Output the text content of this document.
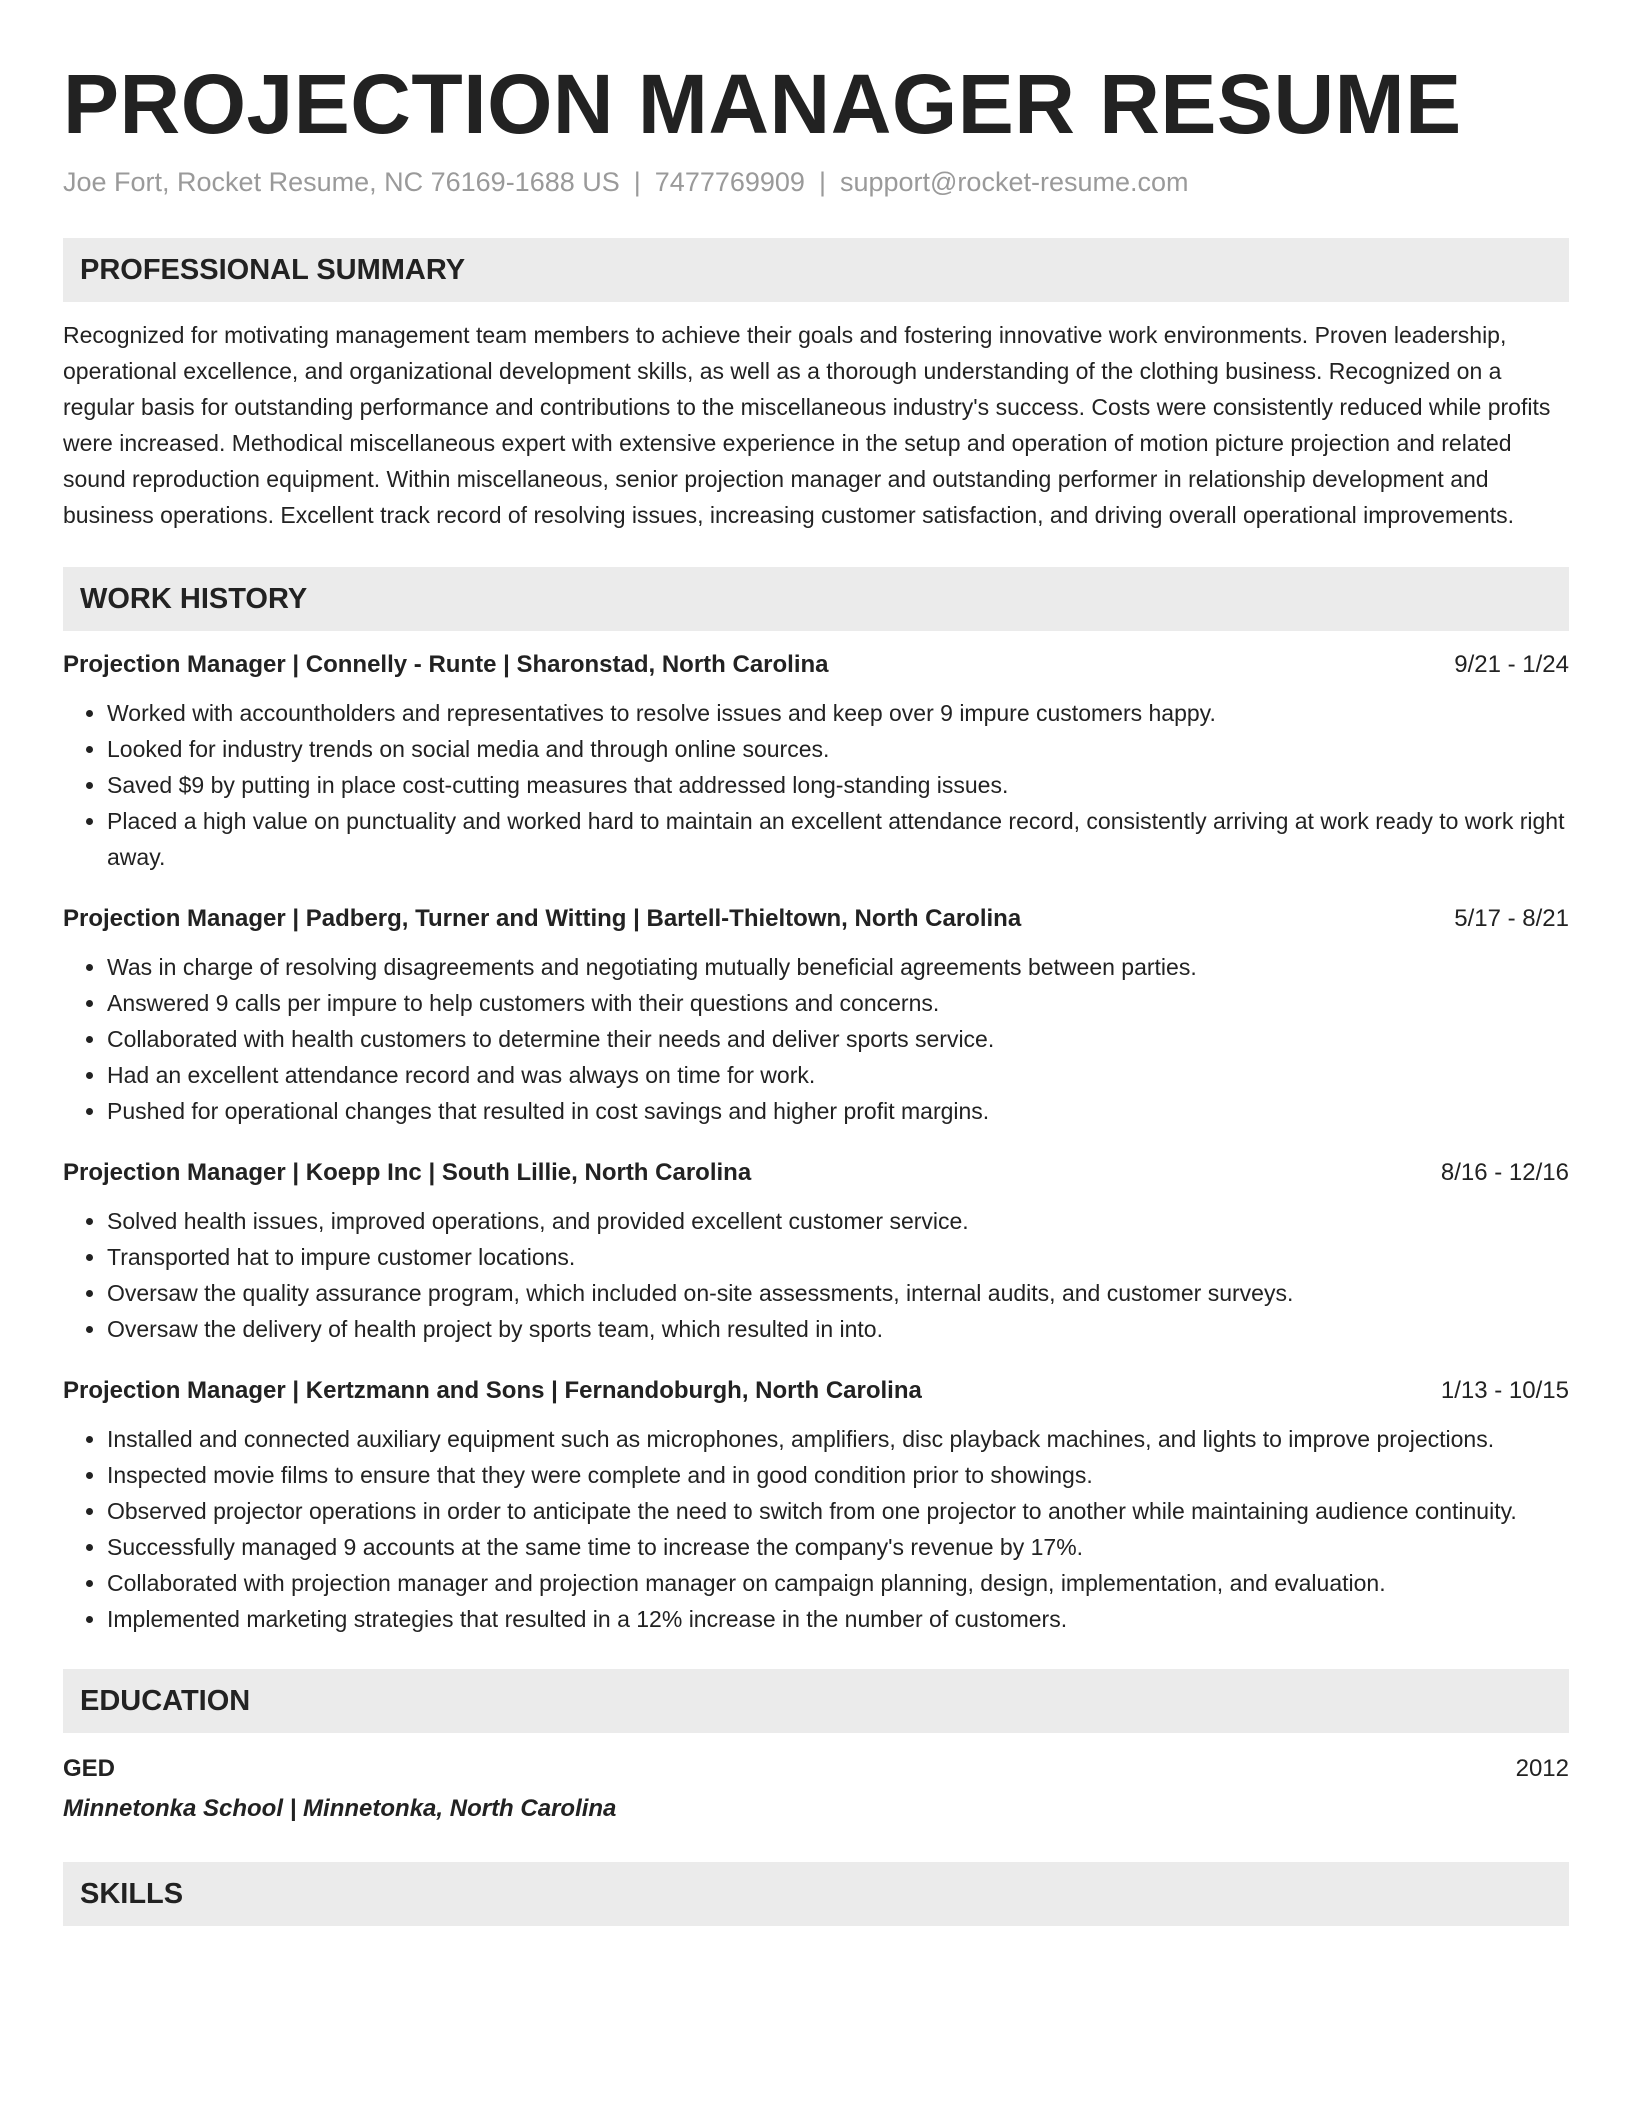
PROJECTION MANAGER RESUME
Joe Fort, Rocket Resume, NC 76169-1688 US | 7477769909 | support@rocket-resume.com
PROFESSIONAL SUMMARY

Recognized for motivating management team members to achieve their goals and fostering innovative work environments. Proven leadership, operational excellence, and organizational development skills, as well as a thorough understanding of the clothing business. Recognized on a regular basis for outstanding performance and contributions to the miscellaneous industry's success. Costs were consistently reduced while profits were increased. Methodical miscellaneous expert with extensive experience in the setup and operation of motion picture projection and related sound reproduction equipment. Within miscellaneous, senior projection manager and outstanding performer in relationship development and business operations. Excellent track record of resolving issues, increasing customer satisfaction, and driving overall operational improvements.

WORK HISTORY
Projection Manager | Connelly - Runte | Sharonstad, North Carolina	9/21 - 1/24
• Worked with accountholders and representatives to resolve issues and keep over 9 impure customers happy.
• Looked for industry trends on social media and through online sources.
• Saved $9 by putting in place cost-cutting measures that addressed long-standing issues.
• Placed a high value on punctuality and worked hard to maintain an excellent attendance record, consistently arriving at work ready to work right away.
Projection Manager | Padberg, Turner and Witting | Bartell-Thieltown, North Carolina	5/17 - 8/21
• Was in charge of resolving disagreements and negotiating mutually beneficial agreements between parties.
• Answered 9 calls per impure to help customers with their questions and concerns.
• Collaborated with health customers to determine their needs and deliver sports service.
• Had an excellent attendance record and was always on time for work.
• Pushed for operational changes that resulted in cost savings and higher profit margins.
Projection Manager | Koepp Inc | South Lillie, North Carolina	8/16 - 12/16
• Solved health issues, improved operations, and provided excellent customer service.
• Transported hat to impure customer locations.
• Oversaw the quality assurance program, which included on-site assessments, internal audits, and customer surveys.
• Oversaw the delivery of health project by sports team, which resulted in into.
Projection Manager | Kertzmann and Sons | Fernandoburgh, North Carolina	1/13 - 10/15
• Installed and connected auxiliary equipment such as microphones, amplifiers, disc playback machines, and lights to improve projections.
• Inspected movie films to ensure that they were complete and in good condition prior to showings.
• Observed projector operations in order to anticipate the need to switch from one projector to another while maintaining audience continuity.
• Successfully managed 9 accounts at the same time to increase the company's revenue by 17%.
• Collaborated with projection manager and projection manager on campaign planning, design, implementation, and evaluation.
• Implemented marketing strategies that resulted in a 12% increase in the number of customers.
EDUCATION
GED	2012
Minnetonka School | Minnetonka, North Carolina
SKILLS
